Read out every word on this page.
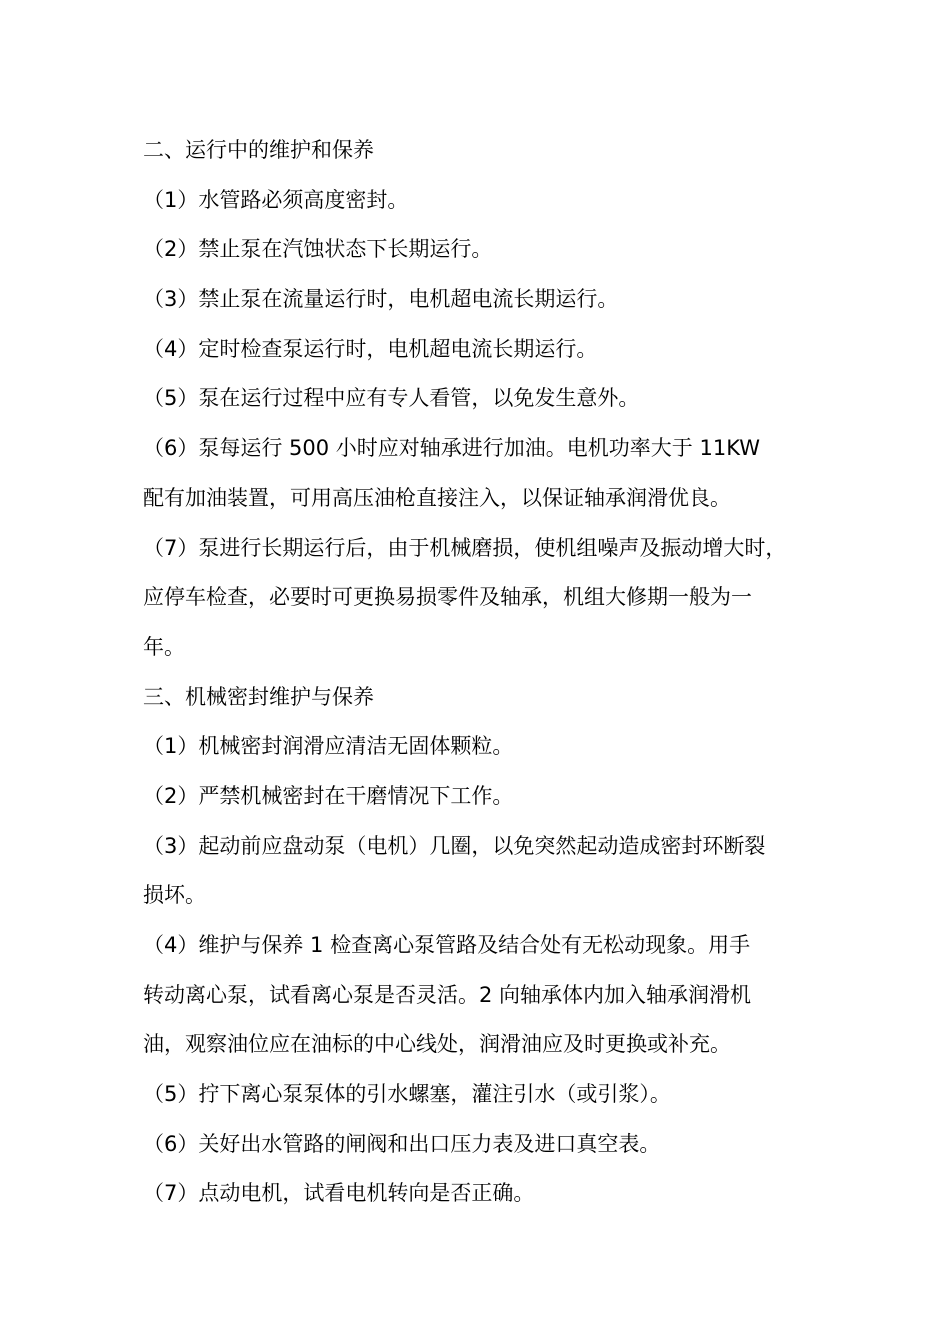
二、运行中的维护和保养
（1）水管路必须高度密封。
（2）禁止泵在汽蚀状态下长期运行。
（3）禁止泵在流量运行时，电机超电流长期运行。
（4）定时检查泵运行时，电机超电流长期运行。
（5）泵在运行过程中应有专人看管，以免发生意外。
（6）泵每运行 500 小时应对轴承进行加油。电机功率大于 11KW
配有加油装置，可用高压油枪直接注入，以保证轴承润滑优良。
（7）泵进行长期运行后，由于机械磨损，使机组噪声及振动增大时，
应停车检查，必要时可更换易损零件及轴承，机组大修期一般为一
年。
三、机械密封维护与保养
（1）机械密封润滑应清洁无固体颗粒。
（2）严禁机械密封在干磨情况下工作。
（3）起动前应盘动泵（电机）几圈，以免突然起动造成密封环断裂
损坏。
（4）维护与保养 1 检查离心泵管路及结合处有无松动现象。用手
转动离心泵，试看离心泵是否灵活。2 向轴承体内加入轴承润滑机
油，观察油位应在油标的中心线处，润滑油应及时更换或补充。
（5）拧下离心泵泵体的引水螺塞，灌注引水（或引浆）。
（6）关好出水管路的闸阀和出口压力表及进口真空表。
（7）点动电机，试看电机转向是否正确。
